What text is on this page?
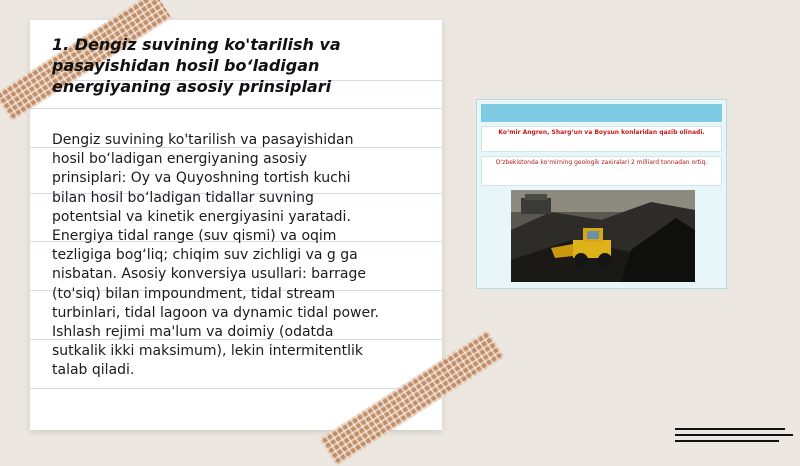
1. Dengiz suvining ko'tarilish va pasayishidan hosil bo‘ladigan energiyaning asosiy prinsiplari
Dengiz suvining ko'tarilish va pasayishidan hosil bo‘ladigan energiyaning asosiy prinsiplari: Oy va Quyoshning tortish kuchi bilan hosil bo‘ladigan tidallar suvning potentsial va kinetik energiyasini yaratadi. Energiya tidal range (suv qismi) va oqim tezligiga bog‘liq; chiqim suv zichligi va g ga nisbatan. Asosiy konversiya usullari: barrage (to'siq) bilan impoundment, tidal stream turbinlari, tidal lagoon va dynamic tidal power. Ishlash rejimi ma'lum va doimiy (odatda sutkalik ikki maksimum), lekin intermitentlik talab qiladi.
Ko‘mir Angren, Shargʻun va Boysun konlaridan qazib olinadi.
O‘zbekistonda ko‘mirning geologik zaxiralari 2 milliard tonnadan ortiq.
